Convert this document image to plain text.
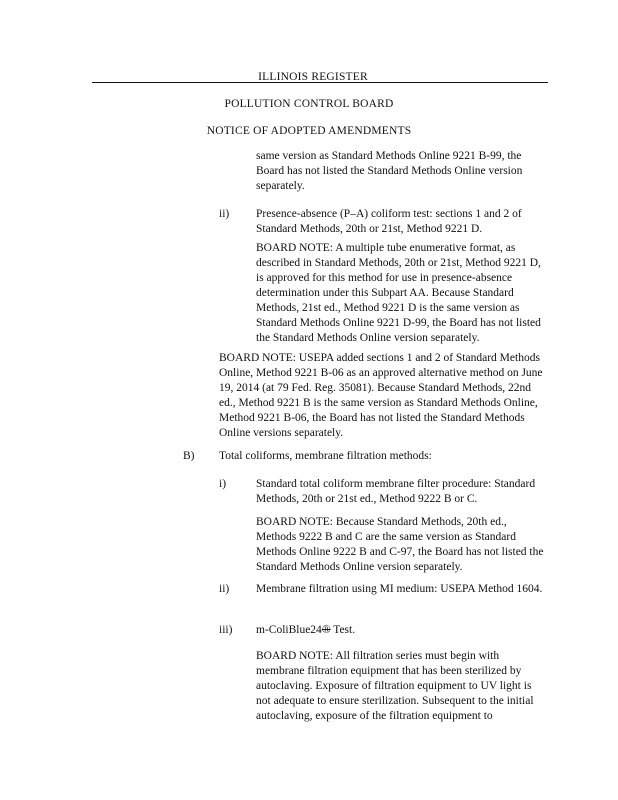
ILLINOIS REGISTER
POLLUTION CONTROL BOARD
NOTICE OF ADOPTED AMENDMENTS

same version as Standard Methods Online 9221 B-99, the Board has not listed the Standard Methods Online version separately.

ii) Presence-absence (P–A) coliform test: sections 1 and 2 of Standard Methods, 20th or 21st, Method 9221 D.

BOARD NOTE: A multiple tube enumerative format, as described in Standard Methods, 20th or 21st, Method 9221 D, is approved for this method for use in presence-absence determination under this Subpart AA. Because Standard Methods, 21st ed., Method 9221 D is the same version as Standard Methods Online 9221 D-99, the Board has not listed the Standard Methods Online version separately.

BOARD NOTE: USEPA added sections 1 and 2 of Standard Methods Online, Method 9221 B-06 as an approved alternative method on June 19, 2014 (at 79 Fed. Reg. 35081). Because Standard Methods, 22nd ed., Method 9221 B is the same version as Standard Methods Online, Method 9221 B-06, the Board has not listed the Standard Methods Online versions separately.

B) Total coliforms, membrane filtration methods:

i)	Standard total coliform membrane filter procedure: Standard Methods, 20th or 21st ed., Method 9222 B or C.

BOARD NOTE: Because Standard Methods, 20th ed., Methods 9222 B and C are the same version as Standard Methods Online 9222 B and C-97, the Board has not listed the Standard Methods Online version separately.

ii) Membrane filtration using MI medium: USEPA Method 1604.

iii) m-ColiBlue24® Test.

BOARD NOTE: All filtration series must begin with membrane filtration equipment that has been sterilized by autoclaving. Exposure of filtration equipment to UV light is not adequate to ensure sterilization. Subsequent to the initial autoclaving, exposure of the filtration equipment to
